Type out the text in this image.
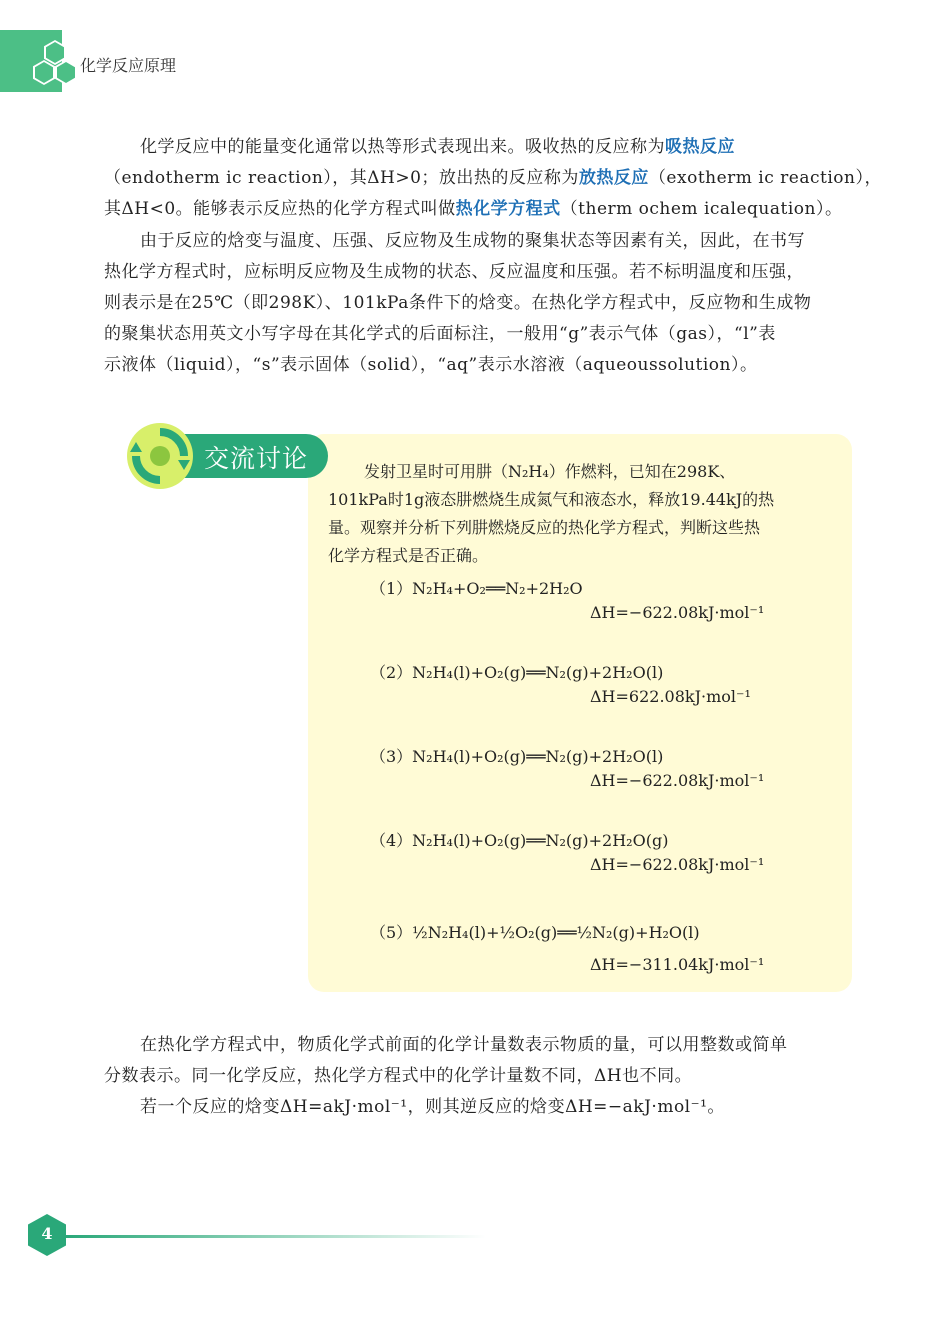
化学反应原理
化学反应中的能量变化通常以热等形式表现出来。吸收热的反应称为吸热反应
（endotherm ic reaction），其ΔH>0；放出热的反应称为放热反应（exotherm ic reaction），
其ΔH<0。能够表示反应热的化学方程式叫做热化学方程式（therm ochem icalequation）。
由于反应的焓变与温度、压强、反应物及生成物的聚集状态等因素有关，因此，在书写
热化学方程式时，应标明反应物及生成物的状态、反应温度和压强。若不标明温度和压强，
则表示是在25℃（即298K）、101kPa条件下的焓变。在热化学方程式中，反应物和生成物
的聚集状态用英文小写字母在其化学式的后面标注，一般用“g”表示气体（gas），“l”表
示液体（liquid），“s”表示固体（solid），“aq”表示水溶液（aqueoussolution）。
交流讨论	发射卫星时可用肼（N₂H₄）作燃料，已知在298K、
101kPa时1g液态肼燃烧生成氮气和液态水，释放19.44kJ的热
量。观察并分析下列肼燃烧反应的热化学方程式，判断这些热
化学方程式是否正确。
（1）N₂H₄+O₂══N₂+2H₂O
ΔH=−622.08kJ·mol⁻¹
（2）N₂H₄(l)+O₂(g)══N₂(g)+2H₂O(l)
ΔH=622.08kJ·mol⁻¹
（3）N₂H₄(l)+O₂(g)══N₂(g)+2H₂O(l)
ΔH=−622.08kJ·mol⁻¹
（4）N₂H₄(l)+O₂(g)══N₂(g)+2H₂O(g)
ΔH=−622.08kJ·mol⁻¹
（5）½N₂H₄(l)+½O₂(g)══½N₂(g)+H₂O(l)
ΔH=−311.04kJ·mol⁻¹
在热化学方程式中，物质化学式前面的化学计量数表示物质的量，可以用整数或简单
分数表示。同一化学反应，热化学方程式中的化学计量数不同，ΔH也不同。
若一个反应的焓变ΔH=akJ·mol⁻¹，则其逆反应的焓变ΔH=−akJ·mol⁻¹。
4
